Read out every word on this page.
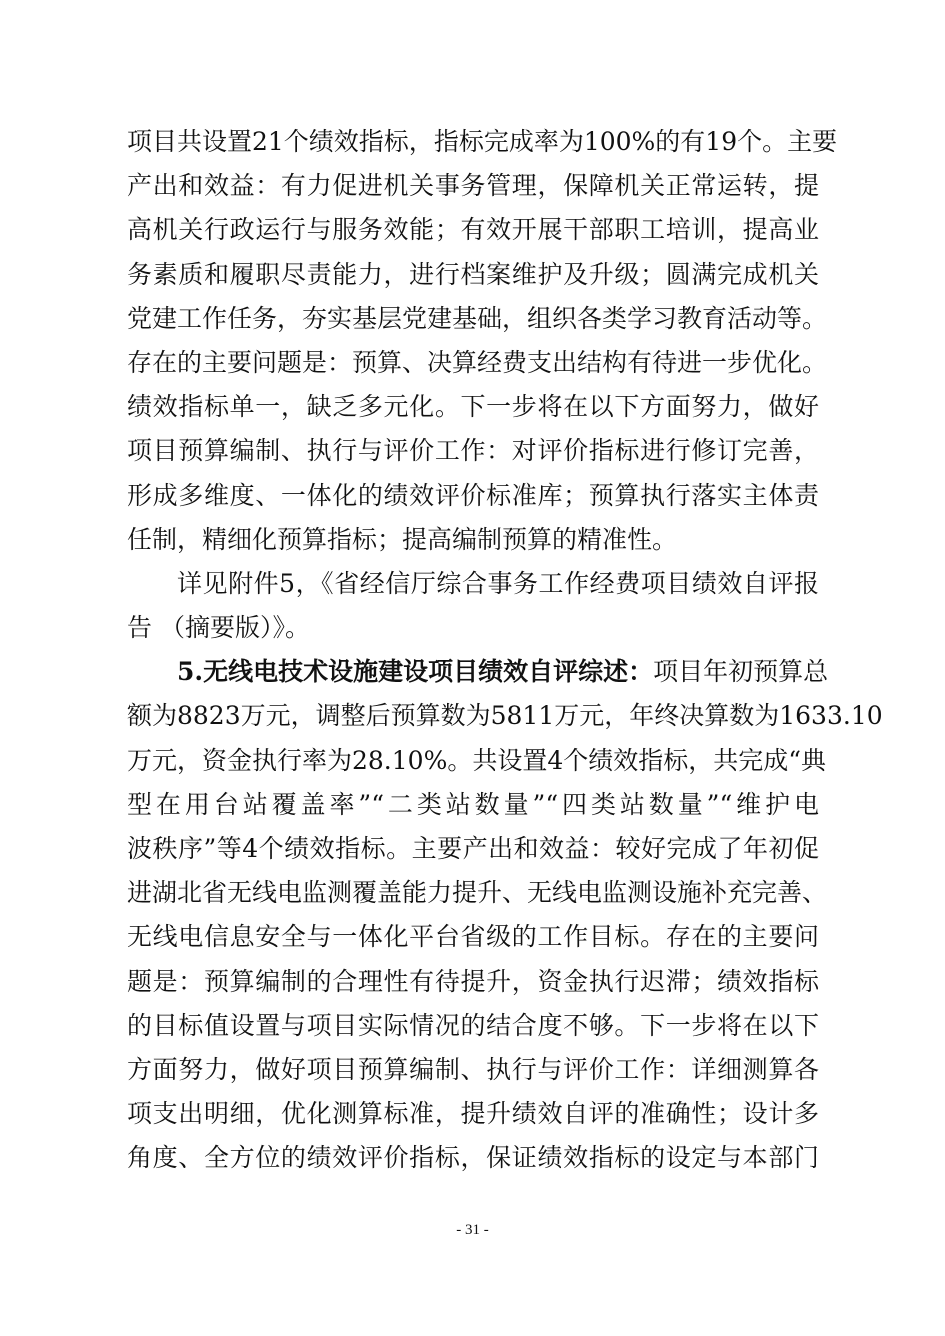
项目共设置21个绩效指标，指标完成率为100%的有19个。主要
产出和效益：有力促进机关事务管理，保障机关正常运转，提
高机关行政运行与服务效能；有效开展干部职工培训，提高业
务素质和履职尽责能力，进行档案维护及升级；圆满完成机关
党建工作任务，夯实基层党建基础，组织各类学习教育活动等。
存在的主要问题是：预算、决算经费支出结构有待进一步优化。
绩效指标单一，缺乏多元化。下一步将在以下方面努力，做好
项目预算编制、执行与评价工作：对评价指标进行修订完善，
形成多维度、一体化的绩效评价标准库；预算执行落实主体责
任制，精细化预算指标；提高编制预算的精准性。
详见附件5，《省经信厅综合事务工作经费项目绩效自评报
告 （摘要版）》。
5.无线电技术设施建设项目绩效自评综述：项目年初预算总
额为8823万元，调整后预算数为5811万元，年终决算数为1633.10
万元，资金执行率为28.10%。共设置4个绩效指标，共完成“典
型在用台站覆盖率”“二类站数量”“四类站数量”“维护电
波秩序”等4个绩效指标。主要产出和效益：较好完成了年初促
进湖北省无线电监测覆盖能力提升、无线电监测设施补充完善、
无线电信息安全与一体化平台省级的工作目标。存在的主要问
题是：预算编制的合理性有待提升，资金执行迟滞；绩效指标
的目标值设置与项目实际情况的结合度不够。下一步将在以下
方面努力，做好项目预算编制、执行与评价工作：详细测算各
项支出明细，优化测算标准，提升绩效自评的准确性；设计多
角度、全方位的绩效评价指标，保证绩效指标的设定与本部门
- 31 -
